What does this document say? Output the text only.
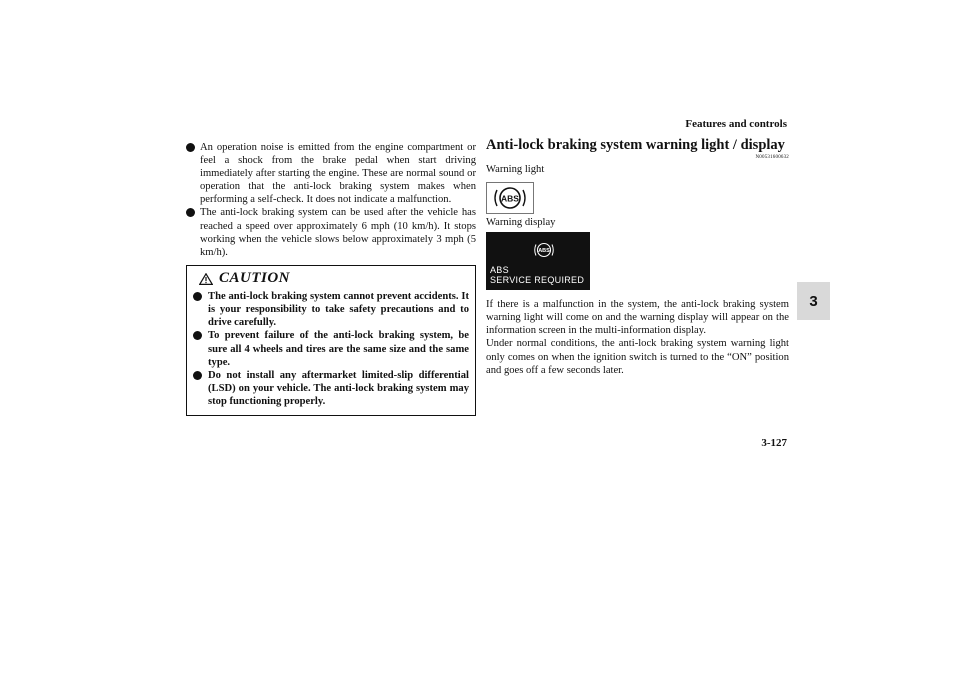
Features and controls
3-127
3
An operation noise is emitted from the engine compartment or feel a shock from the brake pedal when start driving immediately after starting the engine. These are normal sound or operation that the anti-lock braking system makes when performing a self-check. It does not indicate a malfunction.
The anti-lock braking system can be used after the vehicle has reached a speed over approximately 6 mph (10 km/h). It stops working when the vehicle slows below approximately 3 mph (5 km/h).
CAUTION
The anti-lock braking system cannot prevent accidents. It is your responsibility to take safety precautions and to drive carefully.
To prevent failure of the anti-lock braking system, be sure all 4 wheels and tires are the same size and the same type.
Do not install any aftermarket limited-slip differential (LSD) on your vehicle. The anti-lock braking system may stop functioning properly.
Anti-lock braking system warning light / display
N00531600632
Warning light
ABS
Warning display
ABS
ABS
SERVICE REQUIRED
If there is a malfunction in the system, the anti-lock braking system warning light will come on and the warning display will appear on the information screen in the multi-information display.
Under normal conditions, the anti-lock braking system warning light only comes on when the ignition switch is turned to the “ON” position and goes off a few seconds later.
